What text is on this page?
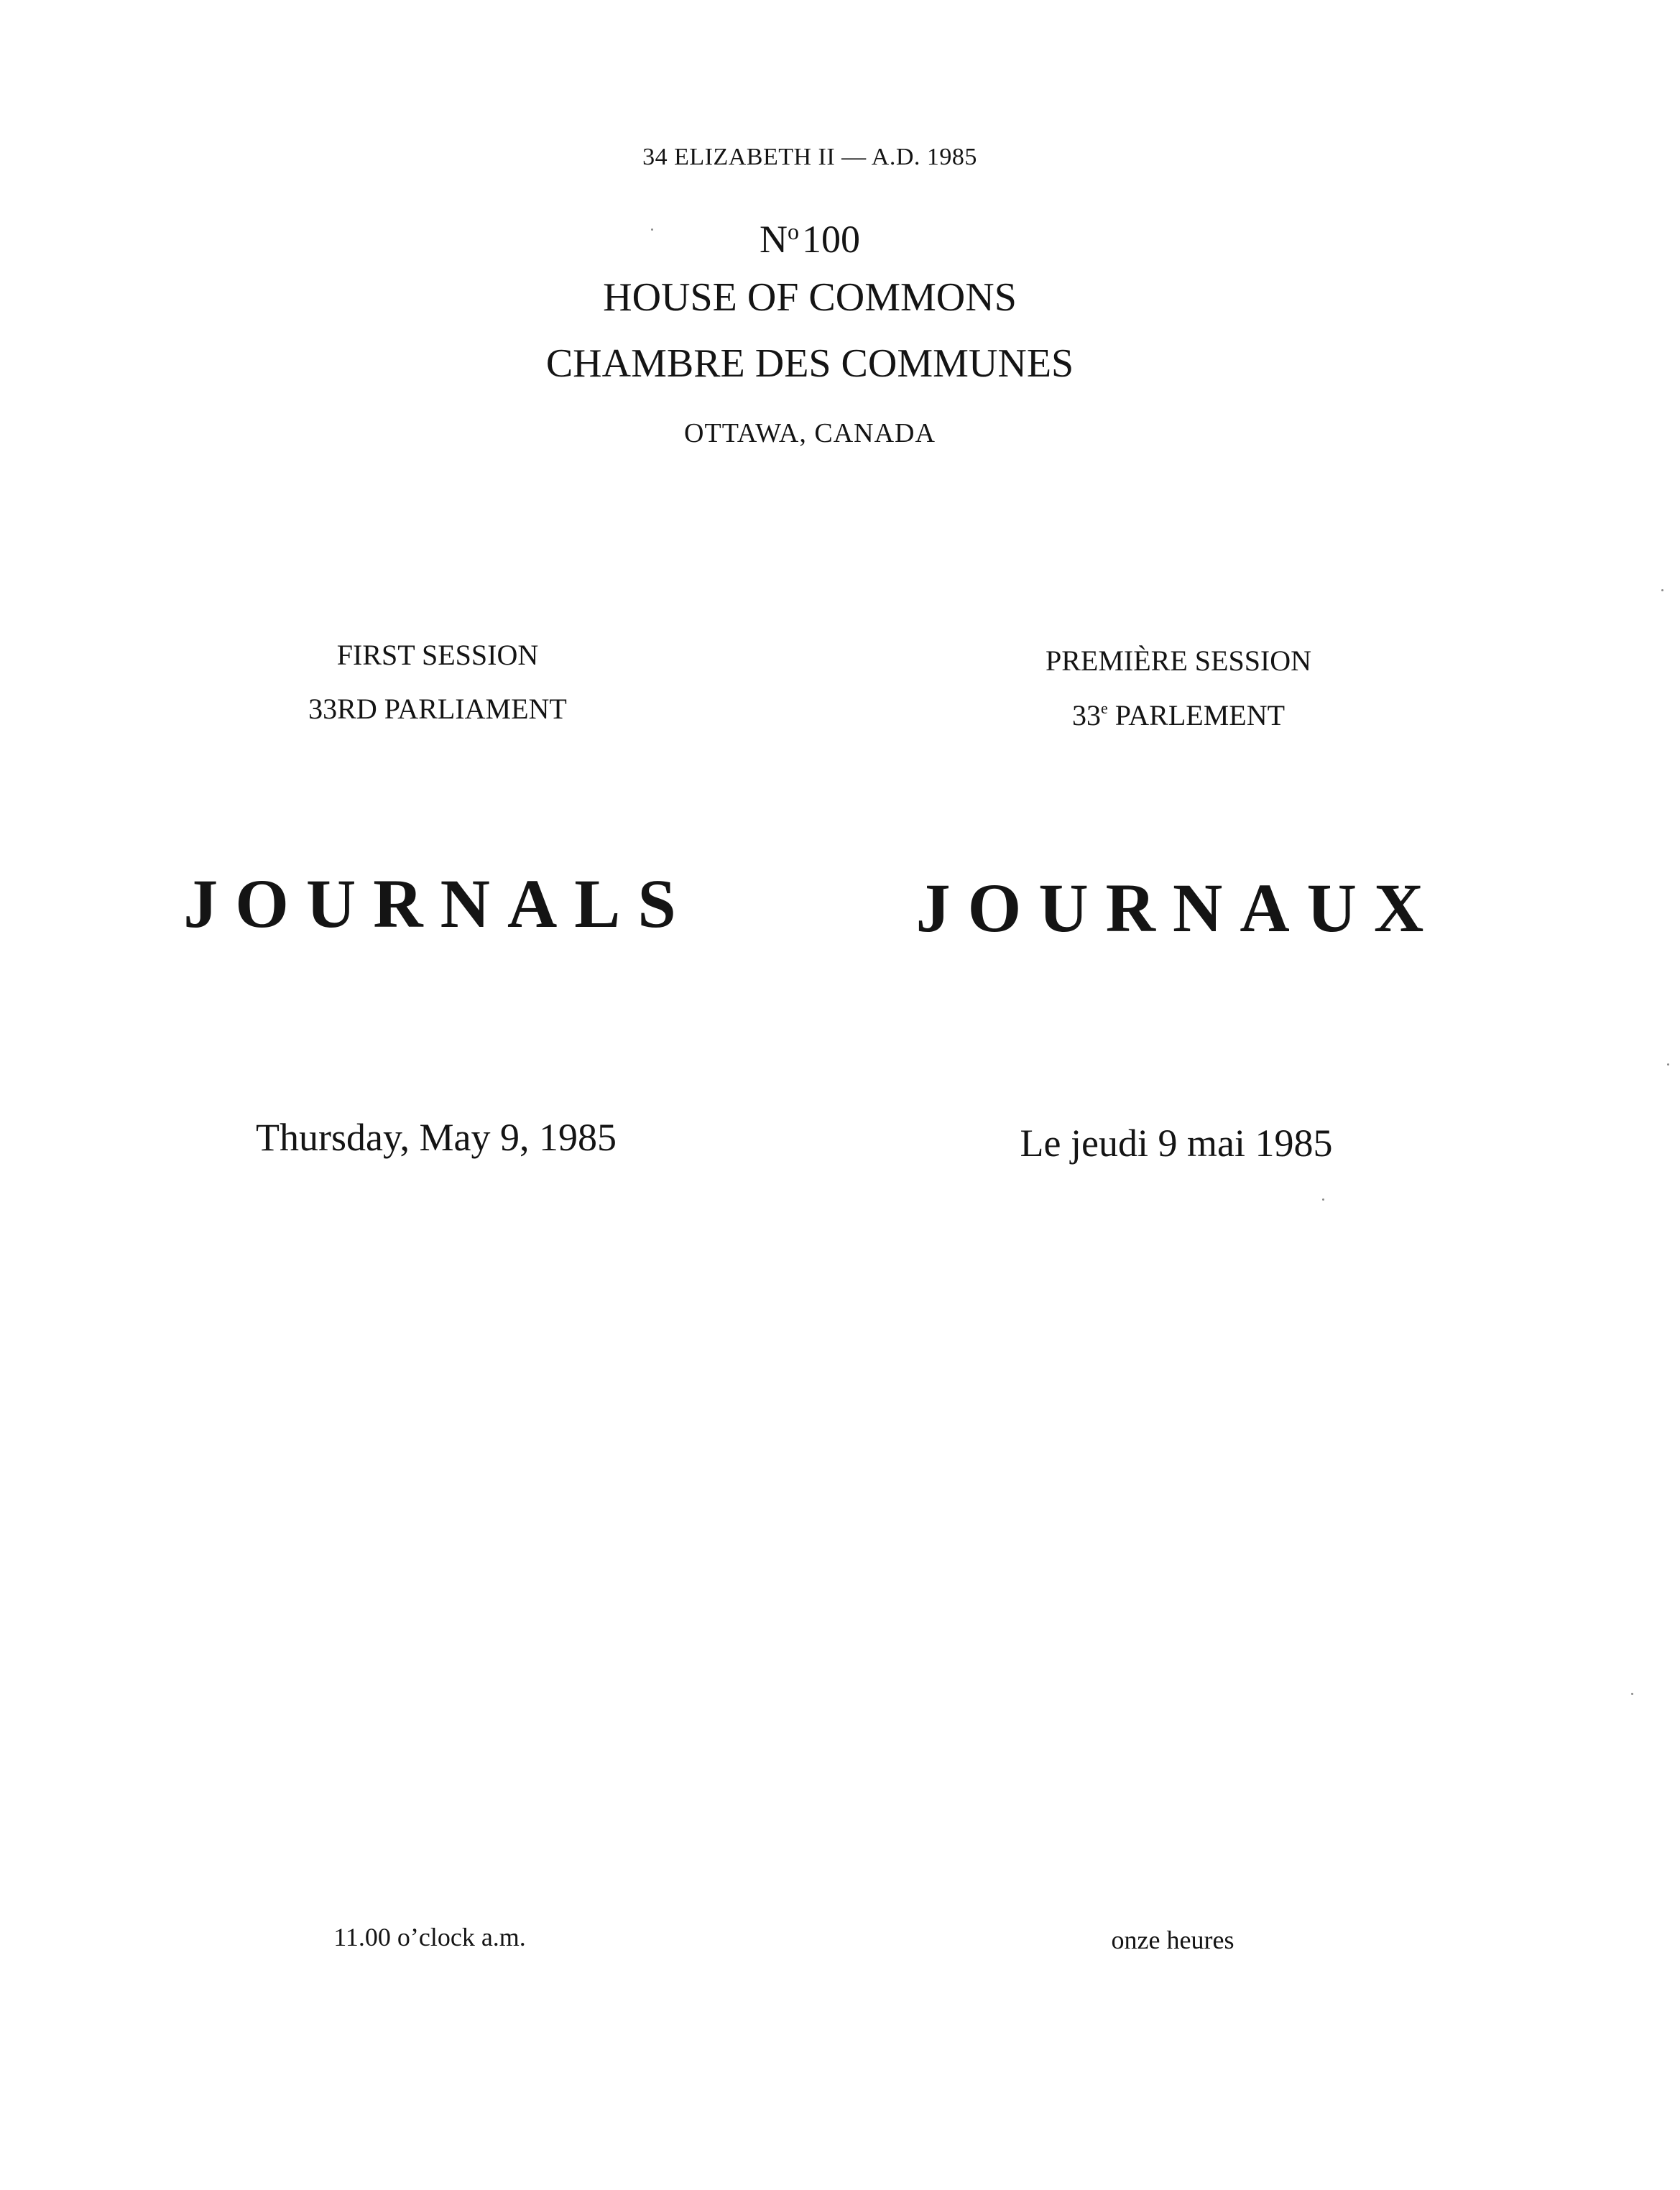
34 ELIZABETH II — A.D. 1985
$N^o100$
HOUSE OF COMMONS
CHAMBRE DES COMMUNES
OTTAWA, CANADA
FIRST SESSION
33RD PARLIAMENT
PREMIÈRE SESSION
33e PARLEMENT
JOURNALS	JOURNAUX
Thursday, May 9, 1985	Le jeudi 9 mai 1985
11.00 o’clock a.m.	onze heures
